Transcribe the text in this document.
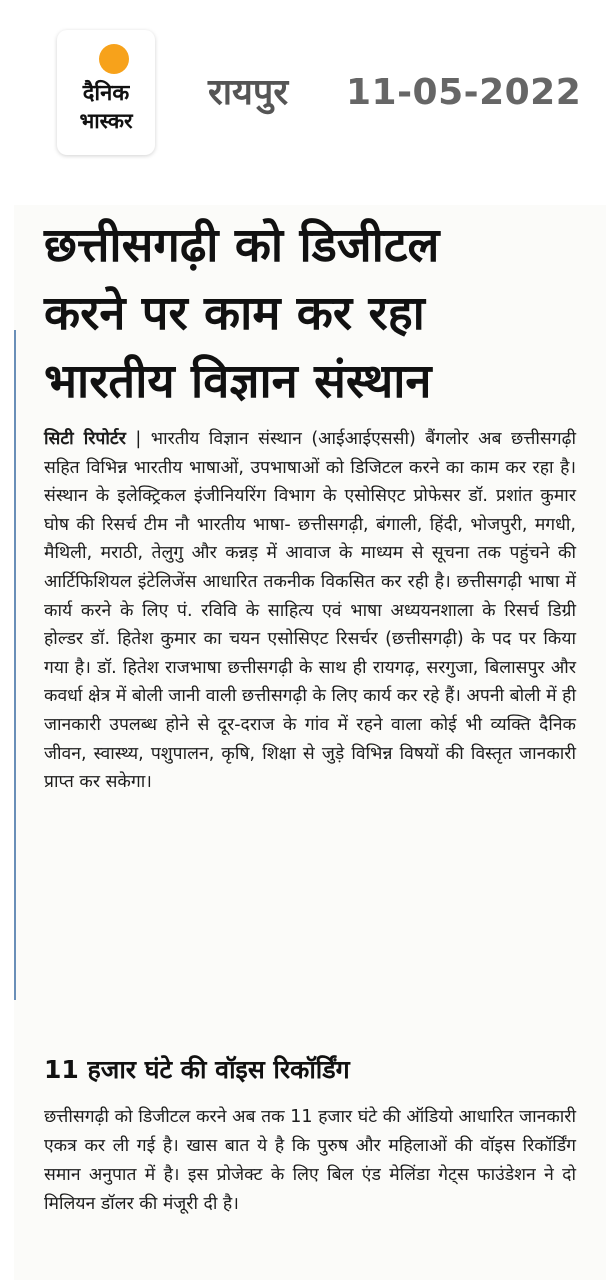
दैनिक
भास्कर
रायपुर 11-05-2022
छत्तीसगढ़ी को डिजीटल
करने पर काम कर रहा
भारतीय विज्ञान संस्थान

सिटी रिपोर्टर | भारतीय विज्ञान संस्थान (आईआईएससी) बैंगलोर अब छत्तीसगढ़ी सहित विभिन्न भारतीय भाषाओं, उपभाषाओं को डिजिटल करने का काम कर रहा है। संस्थान के इलेक्ट्रिकल इंजीनियरिंग विभाग के एसोसिएट प्रोफेसर डॉ. प्रशांत कुमार घोष की रिसर्च टीम नौ भारतीय भाषा- छत्तीसगढ़ी, बंगाली, हिंदी, भोजपुरी, मगधी, मैथिली, मराठी, तेलुगु और कन्नड़ में आवाज के माध्यम से सूचना तक पहुंचने की आर्टिफिशियल इंटेलिजेंस आधारित तकनीक विकसित कर रही है। छत्तीसगढ़ी भाषा में कार्य करने के लिए पं. रविवि के साहित्य एवं भाषा अध्ययनशाला के रिसर्च डिग्री होल्डर डॉ. हितेश कुमार का चयन एसोसिएट रिसर्चर (छत्तीसगढ़ी) के पद पर किया गया है। डॉ. हितेश राजभाषा छत्तीसगढ़ी के साथ ही रायगढ़, सरगुजा, बिलासपुर और कवर्धा क्षेत्र में बोली जानी वाली छत्तीसगढ़ी के लिए कार्य कर रहे हैं। अपनी बोली में ही जानकारी उपलब्ध होने से दूर-दराज के गांव में रहने वाला कोई भी व्यक्ति दैनिक जीवन, स्वास्थ्य, पशुपालन, कृषि, शिक्षा से जुड़े विभिन्न विषयों की विस्तृत जानकारी प्राप्त कर सकेगा।

11 हजार घंटे की वॉइस रिकॉर्डिंग

छत्तीसगढ़ी को डिजीटल करने अब तक 11 हजार घंटे की ऑडियो आधारित जानकारी एकत्र कर ली गई है। खास बात ये है कि पुरुष और महिलाओं की वॉइस रिकॉर्डिंग समान अनुपात में है। इस प्रोजेक्ट के लिए बिल एंड मेलिंडा गेट्स फाउंडेशन ने दो मिलियन डॉलर की मंजूरी दी है।
